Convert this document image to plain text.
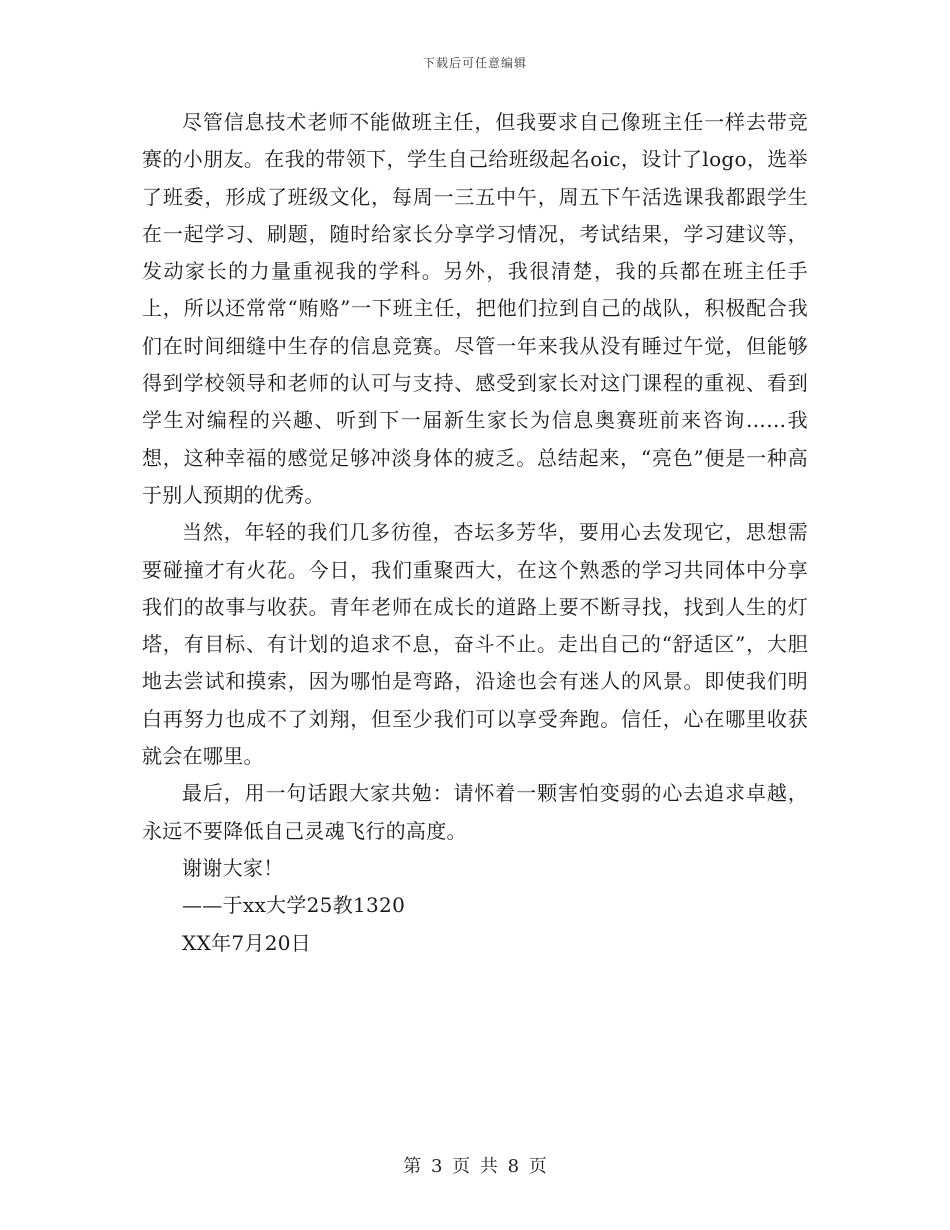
下载后可任意编辑

尽管信息技术老师不能做班主任，但我要求自己像班主任一样去带竞赛的小朋友。在我的带领下，学生自己给班级起名oic，设计了logo，选举了班委，形成了班级文化，每周一三五中午，周五下午活选课我都跟学生在一起学习、刷题，随时给家长分享学习情况，考试结果，学习建议等，发动家长的力量重视我的学科。另外，我很清楚，我的兵都在班主任手上，所以还常常“贿赂”一下班主任，把他们拉到自己的战队，积极配合我们在时间细缝中生存的信息竞赛。尽管一年来我从没有睡过午觉，但能够得到学校领导和老师的认可与支持、感受到家长对这门课程的重视、看到学生对编程的兴趣、听到下一届新生家长为信息奥赛班前来咨询……我想，这种幸福的感觉足够冲淡身体的疲乏。总结起来，“亮色”便是一种高于别人预期的优秀。

当然，年轻的我们几多彷徨，杏坛多芳华，要用心去发现它，思想需要碰撞才有火花。今日，我们重聚西大，在这个熟悉的学习共同体中分享我们的故事与收获。青年老师在成长的道路上要不断寻找，找到人生的灯塔，有目标、有计划的追求不息，奋斗不止。走出自己的“舒适区”，大胆地去尝试和摸索，因为哪怕是弯路，沿途也会有迷人的风景。即使我们明白再努力也成不了刘翔，但至少我们可以享受奔跑。信任，心在哪里收获就会在哪里。

最后，用一句话跟大家共勉：请怀着一颗害怕变弱的心去追求卓越，永远不要降低自己灵魂飞行的高度。

谢谢大家！

——于xx大学25教1320

XX年7月20日

第 3 页 共 8 页
